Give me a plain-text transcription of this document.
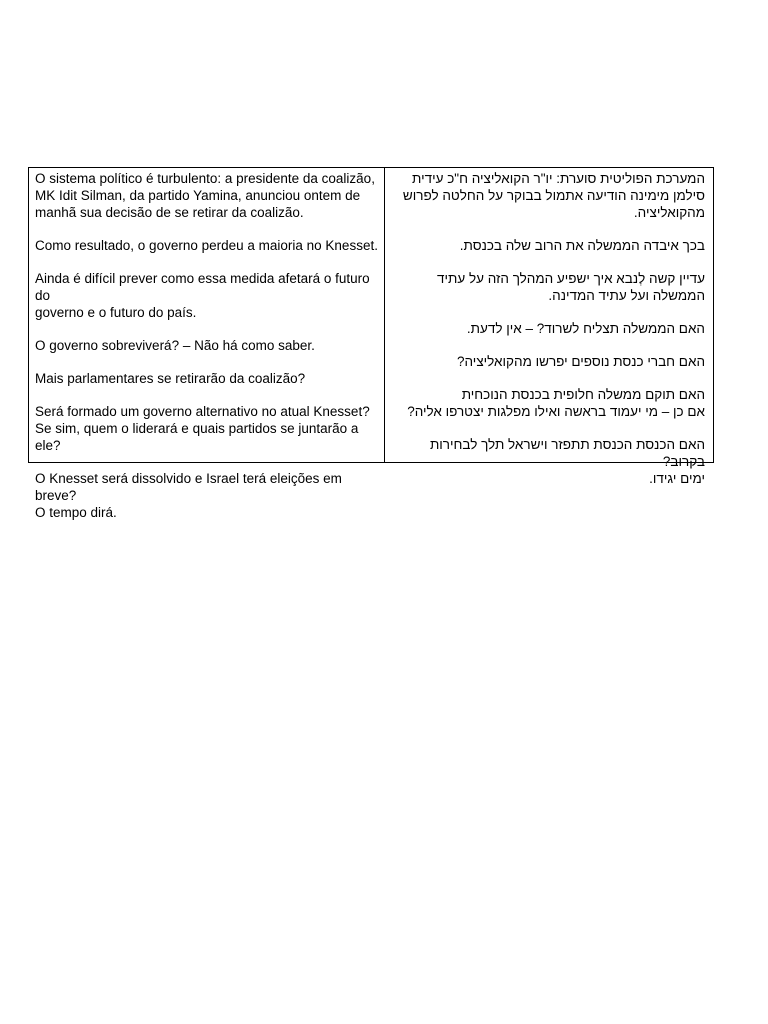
O sistema político é turbulento: a presidente da coalizão,
MK Idit Silman, da partido Yamina, anunciou ontem de
manhã sua decisão de se retirar da coalizão.

Como resultado, o governo perdeu a maioria no Knesset.

Ainda é difícil prever como essa medida afetará o futuro do
governo e o futuro do país.

O governo sobreviverá? – Não há como saber.

Mais parlamentares se retirarão da coalizão?

Será formado um governo alternativo no atual Knesset?
Se sim, quem o liderará e quais partidos se juntarão a ele?

O Knesset será dissolvido e Israel terá eleições em breve?
O tempo dirá.

המערכת הפוליטית סוערת: יו"ר הקואליציה ח"כ עידית
סילמן מימינה הודיעה אתמול בבוקר על החלטה לפרוש
מהקואליציה.

בכך איבדה הממשלה את הרוב שלה בכנסת.

עדיין קשה לְנבא איך ישפיע המהלך הזה על עתיד
הממשלה ועל עתיד המדינה.

האם הממשלה תצליח לשרוד? – אין לדעת.

האם חברי כנסת נוספים יפרשו מהקואליציה?

האם תוקם ממשלה חלופית בכנסת הנוכחית
אם כן – מי יעמוד בראשה ואילו מפלגות יצטרפו אליה?

האם הכנסת הכנסת תתפזר וישראל תלך לבחירות בקרוב?
ימים יגידו.
